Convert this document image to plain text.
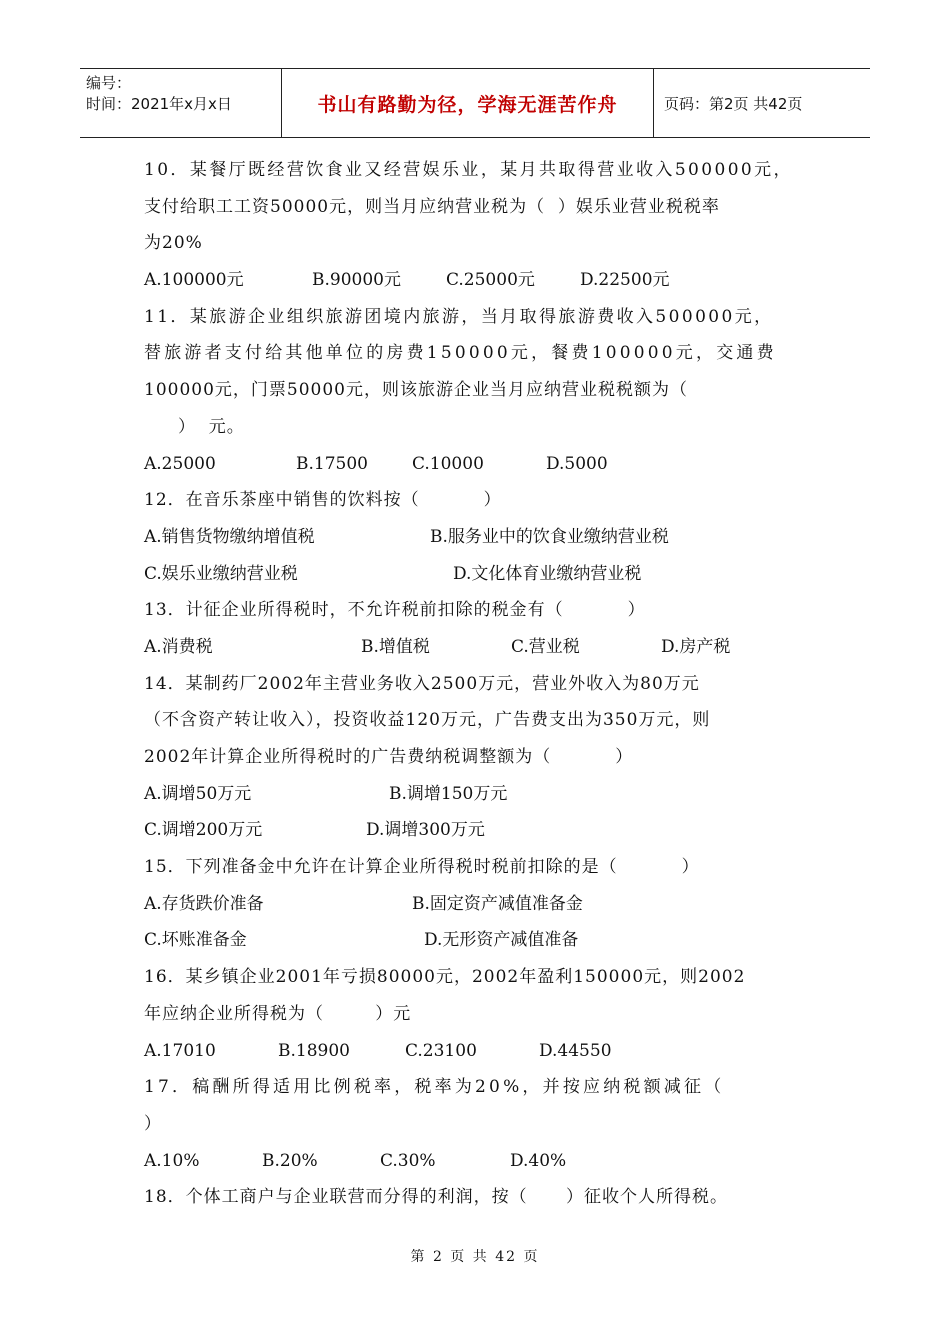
编号：
时间：2021年x月x日	书山有路勤为径，学海无涯苦作舟	页码：第2页 共42页
10．某餐厅既经营饮食业又经营娱乐业，某月共取得营业收入500000元，
支付给职工工资50000元，则当月应纳营业税为（  ）娱乐业营业税税率
为20%
A.100000元	B.90000元	C.25000元	D.22500元
11．某旅游企业组织旅游团境内旅游，当月取得旅游费收入500000元，
替旅游者支付给其他单位的房费150000元，餐费100000元，交通费
100000元，门票50000元，则该旅游企业当月应纳营业税税额为（
）  元。
A.25000	B.17500	C.10000	D.5000
12．在音乐茶座中销售的饮料按（          ）
A.销售货物缴纳增值税	B.服务业中的饮食业缴纳营业税
C.娱乐业缴纳营业税	D.文化体育业缴纳营业税
13．计征企业所得税时，不允许税前扣除的税金有（          ）
A.消费税	B.增值税	C.营业税	D.房产税
14．某制药厂2002年主营业务收入2500万元，营业外收入为80万元
（不含资产转让收入），投资收益120万元，广告费支出为350万元，则
2002年计算企业所得税时的广告费纳税调整额为（          ）
A.调增50万元	B.调增150万元
C.调增200万元	D.调增300万元
15．下列准备金中允许在计算企业所得税时税前扣除的是（          ）
A.存货跌价准备	B.固定资产减值准备金
C.坏账准备金	D.无形资产减值准备
16．某乡镇企业2001年亏损80000元，2002年盈利150000元，则2002
年应纳企业所得税为（        ）元
A.17010	B.18900	C.23100	D.44550
17．稿酬所得适用比例税率，税率为20%，并按应纳税额减征（
）
A.10%	B.20%	C.30%	D.40%
18．个体工商户与企业联营而分得的利润，按（      ）征收个人所得税。
第 2 页 共 42 页
